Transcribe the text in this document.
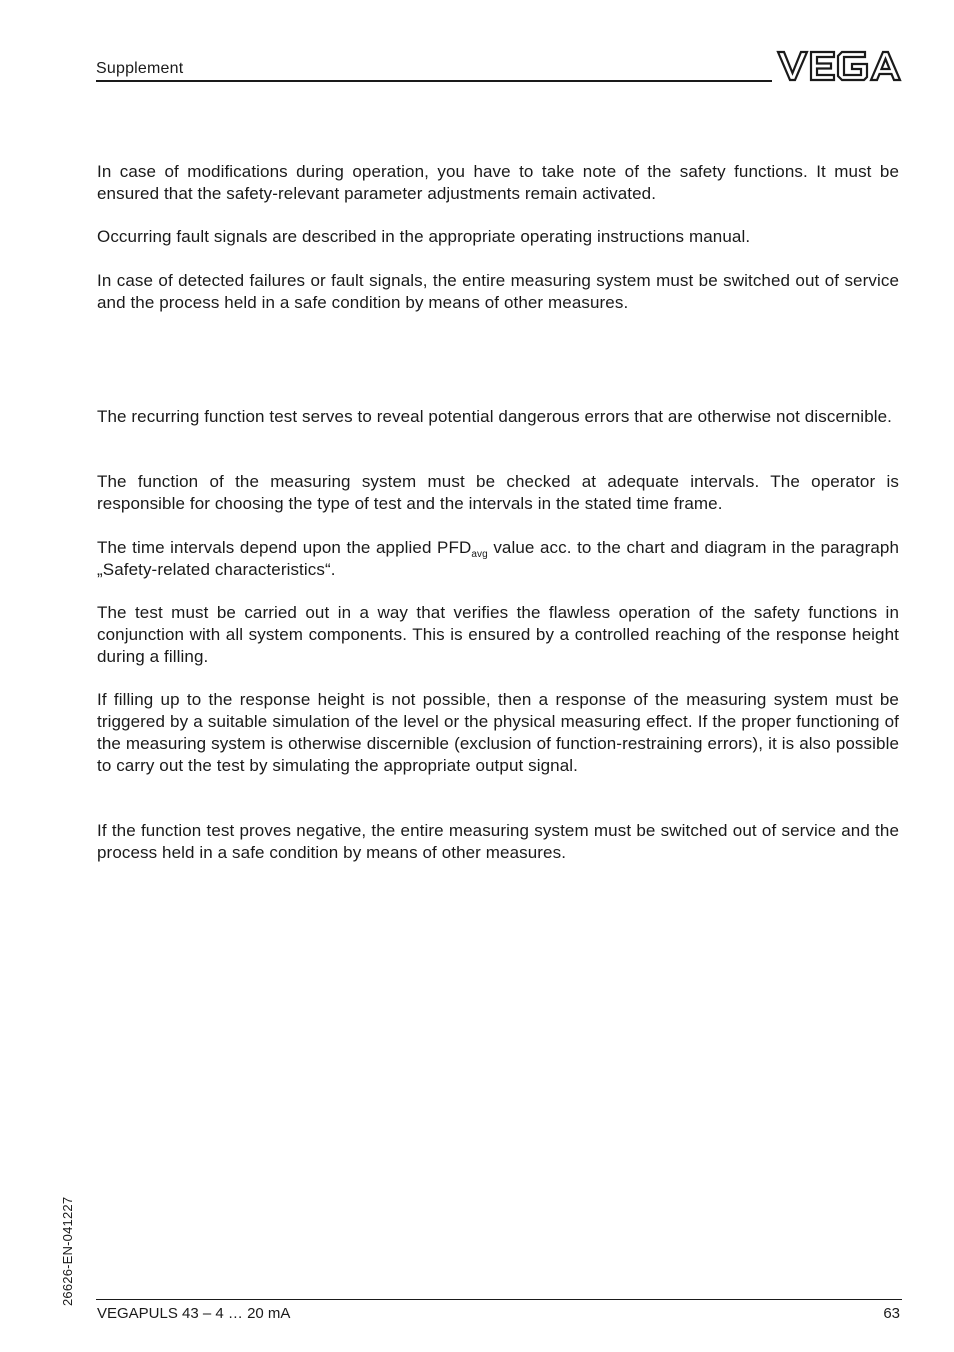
Supplement

In case of modifications during operation, you have to take note of the safety functions. It must be ensured that the safety-relevant parameter adjustments remain activated.

Occurring fault signals are described in the appropriate operating instructions manual.

In case of detected failures or fault signals, the entire measuring system must be switched out of service and the process held in a safe condition by means of other measures.

The recurring function test serves to reveal potential dangerous errors that are otherwise not discernible.

The function of the measuring system must be checked at adequate intervals. The operator is responsible for choosing the type of test and the intervals in the stated time frame.

The time intervals depend upon the applied $PFD_{avg}$ value acc. to the chart and diagram in the paragraph „Safety-related characteristics“.

The test must be carried out in a way that verifies the flawless operation of the safety functions in conjunction with all system components. This is ensured by a controlled reaching of the response height during a filling.

If filling up to the response height is not possible, then a response of the measuring system must be triggered by a suitable simulation of the level or the physical measuring effect. If the proper functioning of the measuring system is otherwise discernible (exclusion of function-restraining errors), it is also possible to carry out the test by simulating the appropriate output signal.

If the function test proves negative, the entire measuring system must be switched out of service and the process held in a safe condition by means of other measures.

26626-EN-041227
VEGAPULS 43 – 4 … 20 mA	63
